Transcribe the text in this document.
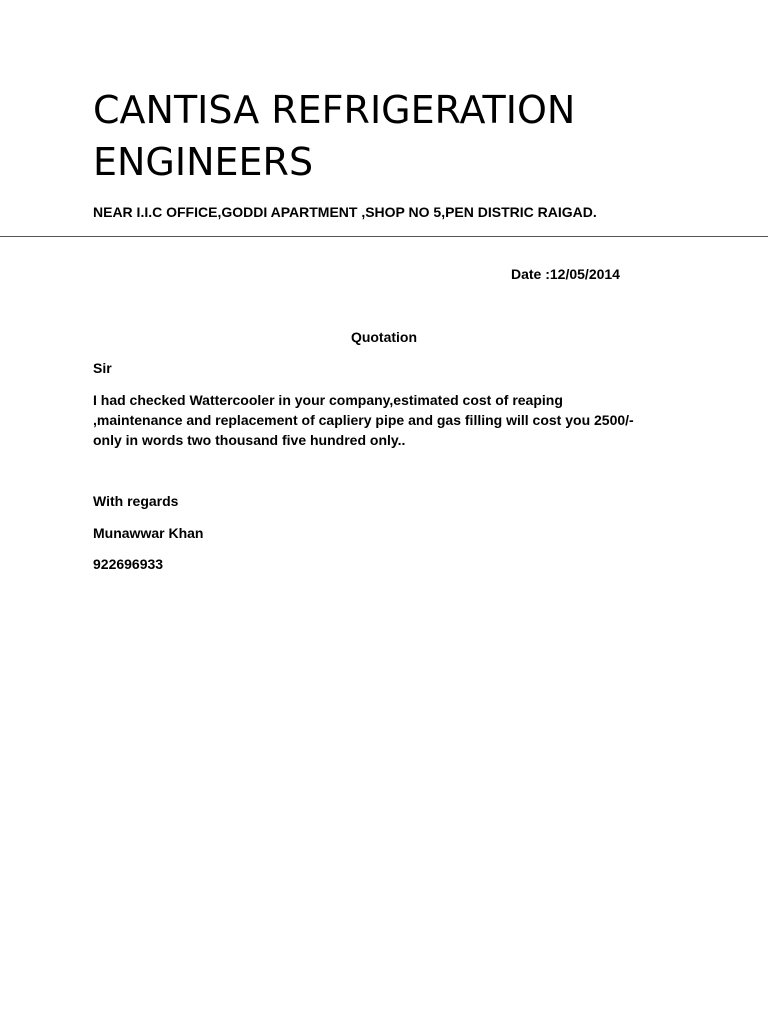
CANTISA REFRIGERATION ENGINEERS

NEAR I.I.C OFFICE,GODDI APARTMENT ,SHOP NO 5,PEN DISTRIC RAIGAD.

Date :12/05/2014
Quotation
Sir

I had checked Wattercooler in your company,estimated cost of reaping ,maintenance and replacement of capliery pipe and gas filling will cost you 2500/- only in words two thousand five hundred only..

With regards
Munawwar Khan
922696933
